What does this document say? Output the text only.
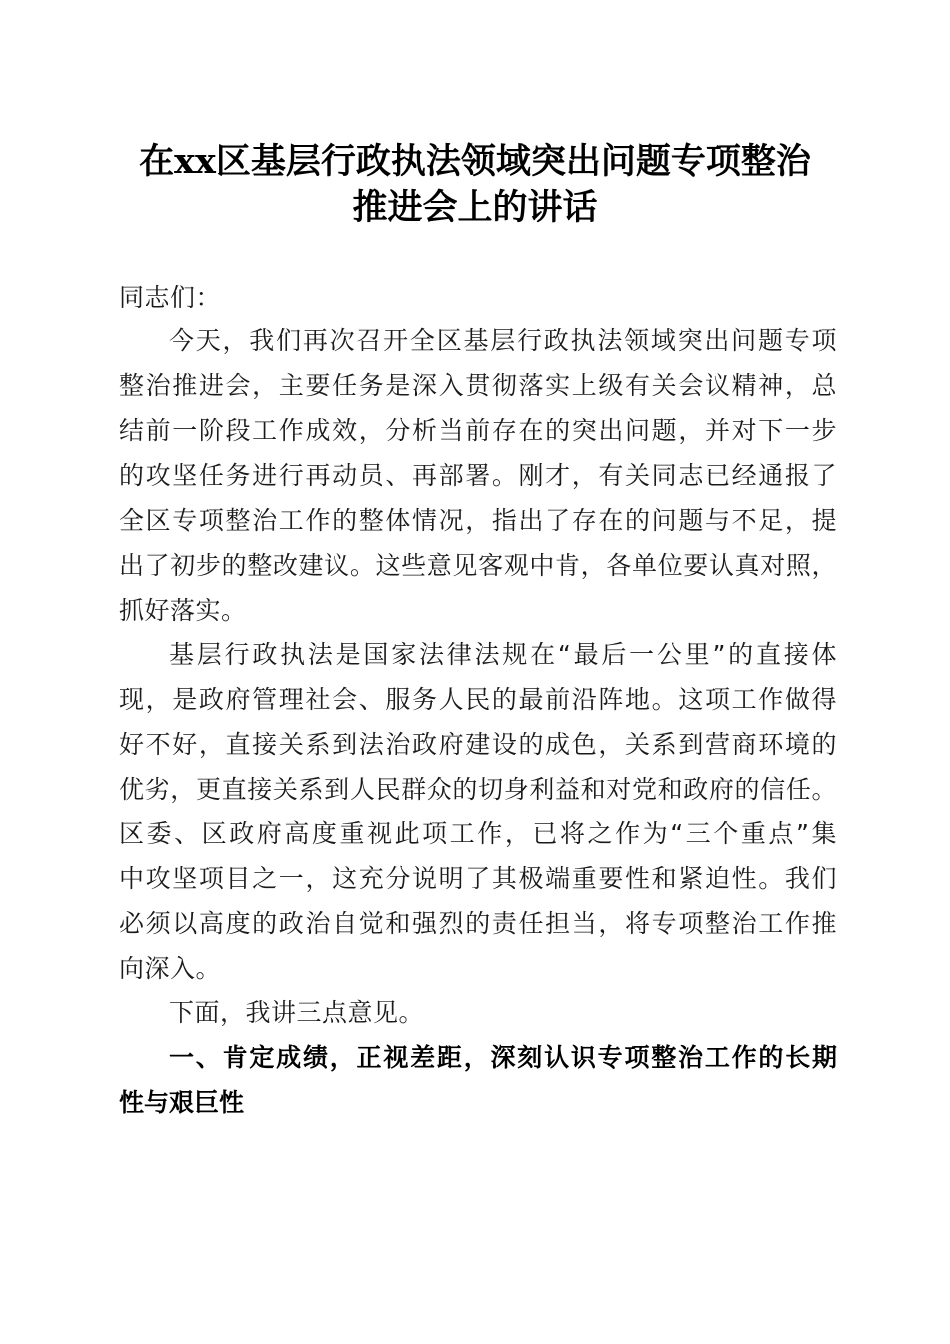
在xx区基层行政执法领域突出问题专项整治
推进会上的讲话
同志们：
今天，我们再次召开全区基层行政执法领域突出问题专项
整治推进会，主要任务是深入贯彻落实上级有关会议精神，总
结前一阶段工作成效，分析当前存在的突出问题，并对下一步
的攻坚任务进行再动员、再部署。刚才，有关同志已经通报了
全区专项整治工作的整体情况，指出了存在的问题与不足，提
出了初步的整改建议。这些意见客观中肯，各单位要认真对照，
抓好落实。
基层行政执法是国家法律法规在“最后一公里”的直接体
现，是政府管理社会、服务人民的最前沿阵地。这项工作做得
好不好，直接关系到法治政府建设的成色，关系到营商环境的
优劣，更直接关系到人民群众的切身利益和对党和政府的信任。
区委、区政府高度重视此项工作，已将之作为“三个重点”集
中攻坚项目之一，这充分说明了其极端重要性和紧迫性。我们
必须以高度的政治自觉和强烈的责任担当，将专项整治工作推
向深入。
下面，我讲三点意见。
一、肯定成绩，正视差距，深刻认识专项整治工作的长期
性与艰巨性
